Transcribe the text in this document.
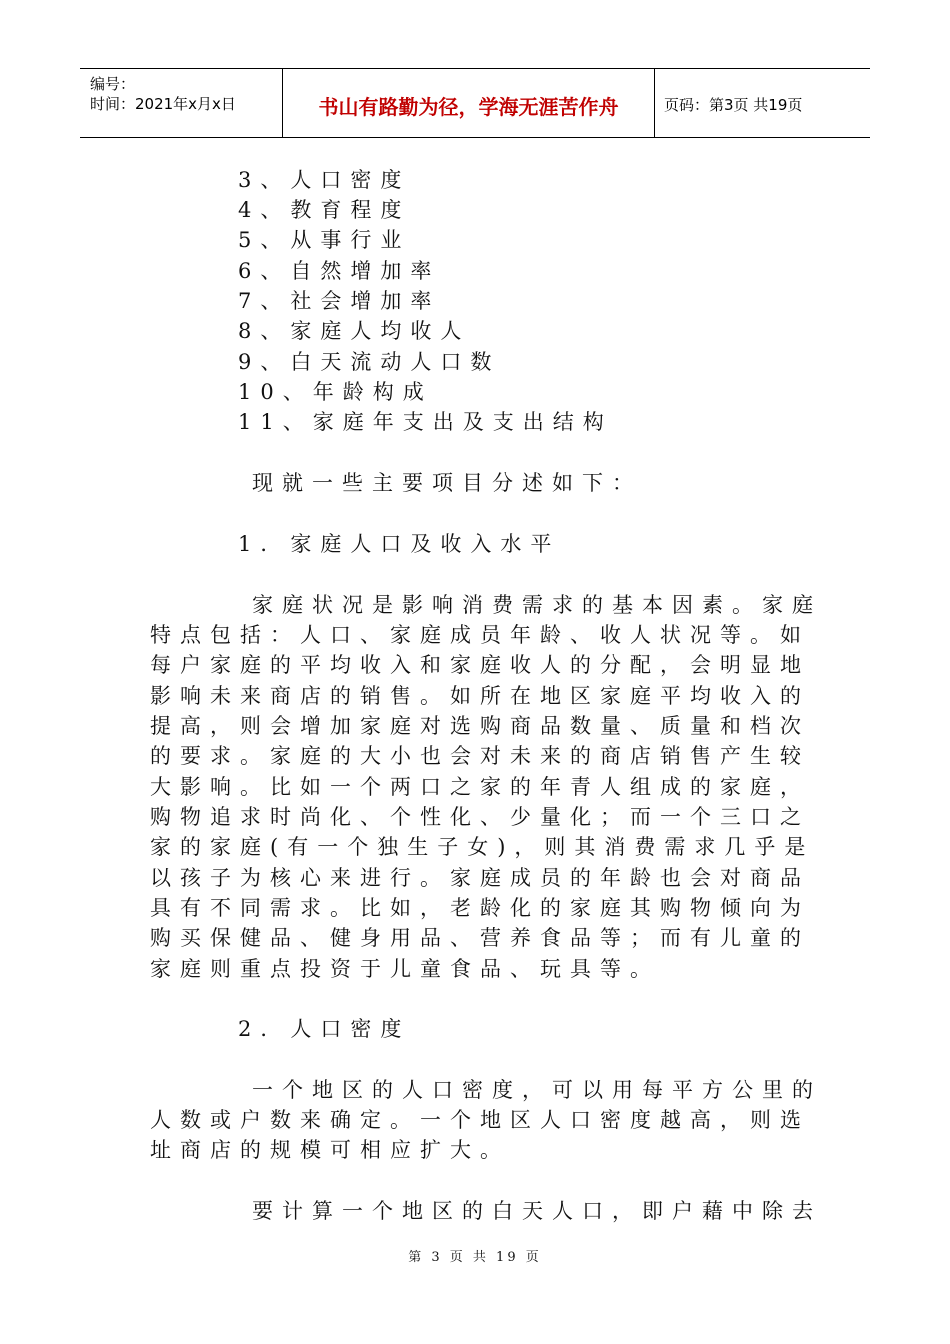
编号：
时间：2021年x月x日	书山有路勤为径，学海无涯苦作舟	页码：第3页 共19页
3、人口密度
4、教育程度
5、从事行业
6、自然增加率
7、社会增加率
8、家庭人均收人
9、白天流动人口数
10、年龄构成
11、家庭年支出及支出结构
现就一些主要项目分述如下：
1．家庭人口及收入水平
家庭状况是影响消费需求的基本因素。家庭
特点包括：人口、家庭成员年龄、收人状况等。如
每户家庭的平均收入和家庭收人的分配，会明显地
影响未来商店的销售。如所在地区家庭平均收入的
提高，则会增加家庭对选购商品数量、质量和档次
的要求。家庭的大小也会对未来的商店销售产生较
大影响。比如一个两口之家的年青人组成的家庭，
购物追求时尚化、个性化、少量化；而一个三口之
家的家庭(有一个独生子女)，则其消费需求几乎是
以孩子为核心来进行。家庭成员的年龄也会对商品
具有不同需求。比如，老龄化的家庭其购物倾向为
购买保健品、健身用品、营养食品等；而有儿童的
家庭则重点投资于儿童食品、玩具等。
2．人口密度
一个地区的人口密度，可以用每平方公里的
人数或户数来确定。一个地区人口密度越高，则选
址商店的规模可相应扩大。
要计算一个地区的白天人口，即户藉中除去
第 3 页 共 19 页
